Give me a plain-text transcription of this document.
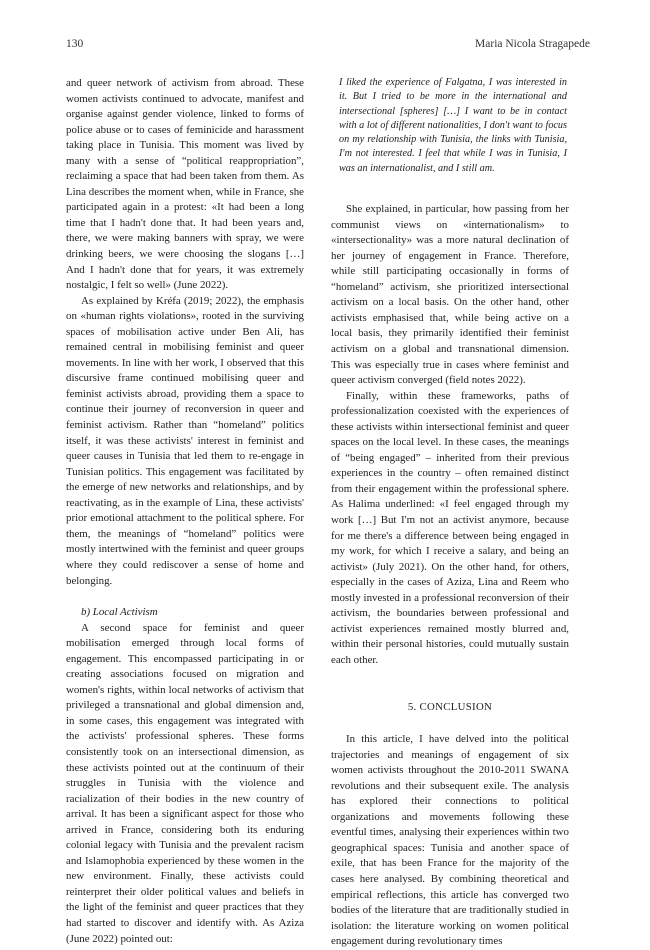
130	Maria Nicola Stragapede

and queer network of activism from abroad. These women activists continued to advocate, manifest and organise against gender violence, linked to forms of police abuse or to cases of feminicide and harassment taking place in Tunisia. This moment was lived by many with a sense of “political reappropriation”, reclaiming a space that had been taken from them. As Lina describes the moment when, while in France, she participated again in a protest: «It had been a long time that I hadn't done that. It had been years and, there, we were making banners with spray, we were drinking beers, we were choosing the slogans […] And I hadn't done that for years, it was extremely nostalgic, I felt so well» (June 2022).

As explained by Kréfa (2019; 2022), the emphasis on «human rights violations», rooted in the surviving spaces of mobilisation active under Ben Ali, has remained central in mobilising feminist and queer movements. In line with her work, I observed that this discursive frame continued mobilising queer and feminist activists abroad, providing them a space to continue their journey of reconversion in queer and feminist activism. Rather than “homeland” politics itself, it was these activists' interest in feminist and queer causes in Tunisia that led them to re-engage in Tunisian politics. This engagement was facilitated by the emerge of new networks and relationships, and by reactivating, as in the example of Lina, these activists' prior emotional attachment to the political sphere. For them, the meanings of “homeland” politics were mostly intertwined with the feminist and queer groups where they could rediscover a sense of home and belonging.

b) Local Activism

A second space for feminist and queer mobilisation emerged through local forms of engagement. This encompassed participating in or creating associations focused on migration and women's rights, within local networks of activism that privileged a transnational and global dimension and, in some cases, this engagement was integrated with the activists' professional spheres. These forms consistently took on an intersectional dimension, as these activists pointed out at the continuum of their struggles in Tunisia with the violence and racialization of their bodies in the new country of arrival. It has been a significant aspect for those who arrived in France, considering both its enduring colonial legacy with Tunisia and the prevalent racism and Islamophobia experienced by these women in the new environment. Finally, these activists could reinterpret their older political values and beliefs in the light of the feminist and queer practices that they had started to discover and identify with. As Aziza (June 2022) pointed out:

I liked the experience of Falgatna, I was interested in it. But I tried to be more in the international and intersectional [spheres] […] I want to be in contact with a lot of different nationalities, I don't want to focus on my relationship with Tunisia, the links with Tunisia, I'm not interested. I feel that while I was in Tunisia, I was an internationalist, and I still am.

She explained, in particular, how passing from her communist views on «internationalism» to «intersectionality» was a more natural declination of her journey of engagement in France. Therefore, while still participating occasionally in forms of “homeland” activism, she prioritized intersectional activism on a local basis. On the other hand, other activists emphasised that, while being active on a local basis, they primarily identified their feminist activism on a global and transnational dimension. This was especially true in cases where feminist and queer activism converged (field notes 2022).

Finally, within these frameworks, paths of professionalization coexisted with the experiences of these activists within intersectional feminist and queer spaces on the local level. In these cases, the meanings of “being engaged” – inherited from their previous experiences in the country – often remained distinct from their engagement within the professional sphere. As Halima underlined: «I feel engaged through my work […] But I'm not an activist anymore, because for me there's a difference between being engaged in my work, for which I receive a salary, and being an activist» (July 2021). On the other hand, for others, especially in the cases of Aziza, Lina and Reem who mostly invested in a professional reconversion of their activism, the boundaries between professional and activist experiences remained mostly blurred and, within their personal histories, could mutually sustain each other.

5. CONCLUSION

In this article, I have delved into the political trajectories and meanings of engagement of six women activists throughout the 2010-2011 SWANA revolutions and their subsequent exile. The analysis has explored their connections to political organizations and movements following these eventful times, analysing their experiences within two geographical spaces: Tunisia and another space of exile, that has been France for the majority of the cases here analysed. By combining theoretical and empirical reflections, this article has converged two bodies of the literature that are traditionally studied in isolation: the literature working on women political engagement during revolutionary times
